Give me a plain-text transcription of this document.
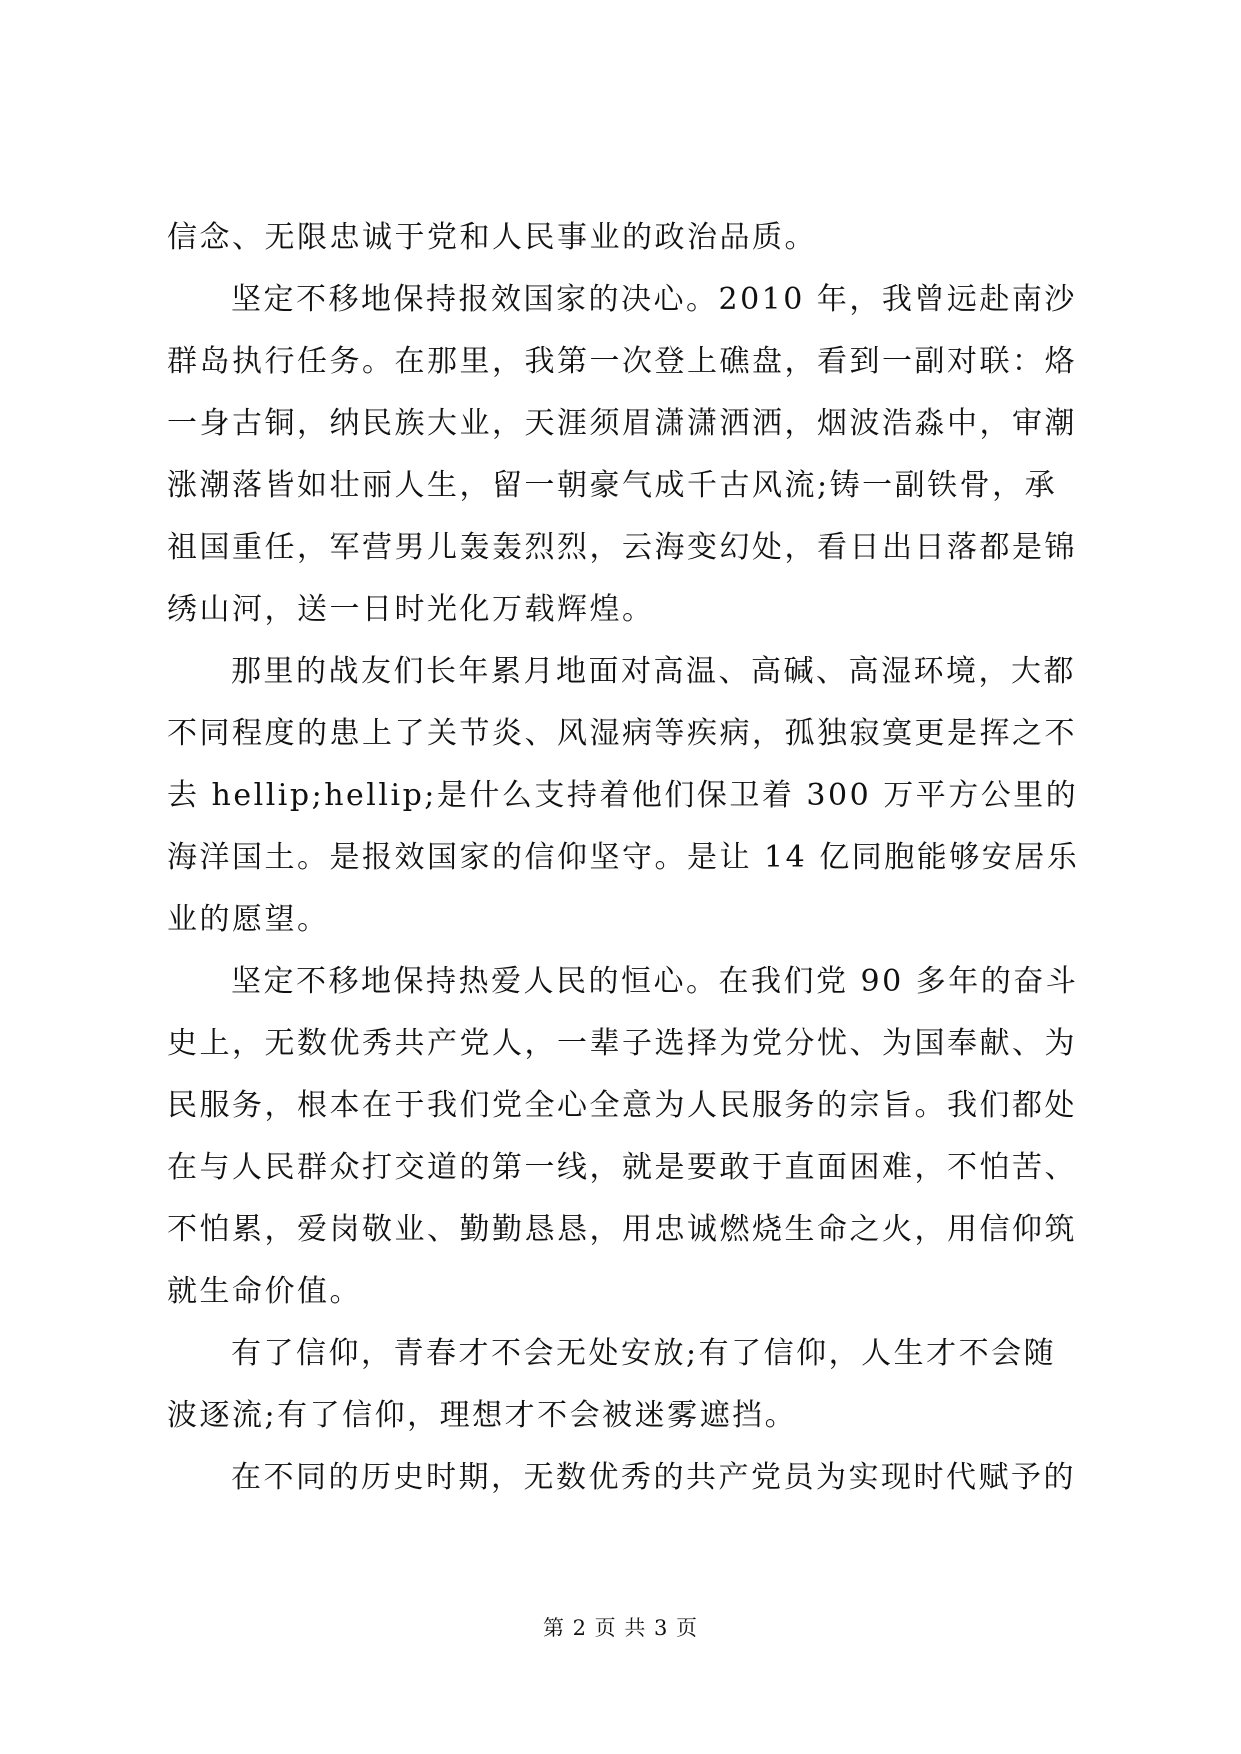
信念、无限忠诚于党和人民事业的政治品质。
坚定不移地保持报效国家的决心。2010 年，我曾远赴南沙
群岛执行任务。在那里，我第一次登上礁盘，看到一副对联：烙
一身古铜，纳民族大业，天涯须眉潇潇洒洒，烟波浩淼中，审潮
涨潮落皆如壮丽人生，留一朝豪气成千古风流;铸一副铁骨，承
祖国重任，军营男儿轰轰烈烈，云海变幻处，看日出日落都是锦
绣山河，送一日时光化万载辉煌。
那里的战友们长年累月地面对高温、高碱、高湿环境，大都
不同程度的患上了关节炎、风湿病等疾病，孤独寂寞更是挥之不
去 hellip;hellip;是什么支持着他们保卫着 300 万平方公里的
海洋国土。是报效国家的信仰坚守。是让 14 亿同胞能够安居乐
业的愿望。
坚定不移地保持热爱人民的恒心。在我们党 90 多年的奋斗
史上，无数优秀共产党人，一辈子选择为党分忧、为国奉献、为
民服务，根本在于我们党全心全意为人民服务的宗旨。我们都处
在与人民群众打交道的第一线，就是要敢于直面困难，不怕苦、
不怕累，爱岗敬业、勤勤恳恳，用忠诚燃烧生命之火，用信仰筑
就生命价值。
有了信仰，青春才不会无处安放;有了信仰，人生才不会随
波逐流;有了信仰，理想才不会被迷雾遮挡。
在不同的历史时期，无数优秀的共产党员为实现时代赋予的
第 2 页 共 3 页
